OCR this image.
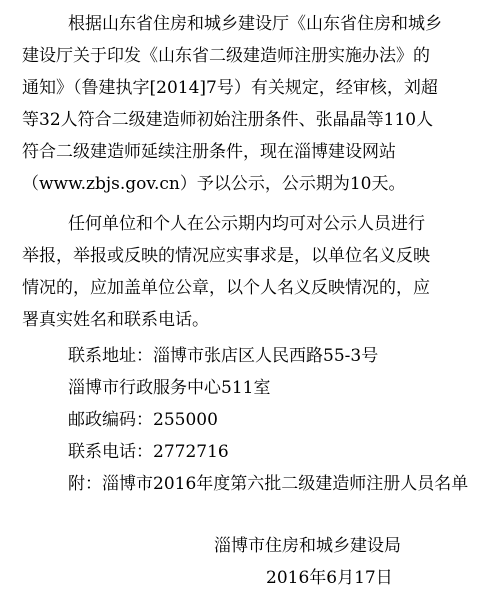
根据山东省住房和城乡建设厅《山东省住房和城乡
建设厅关于印发《山东省二级建造师注册实施办法》的
通知》（鲁建执字[2014]7号）有关规定，经审核，刘超
等32人符合二级建造师初始注册条件、张晶晶等110人
符合二级建造师延续注册条件，现在淄博建设网站
（www.zbjs.gov.cn）予以公示，公示期为10天。
任何单位和个人在公示期内均可对公示人员进行
举报，举报或反映的情况应实事求是，以单位名义反映
情况的，应加盖单位公章，以个人名义反映情况的，应
署真实姓名和联系电话。
联系地址：淄博市张店区人民西路55-3号
淄博市行政服务中心511室
邮政编码：255000
联系电话：2772716
附：淄博市2016年度第六批二级建造师注册人员名单
淄博市住房和城乡建设局
2016年6月17日
